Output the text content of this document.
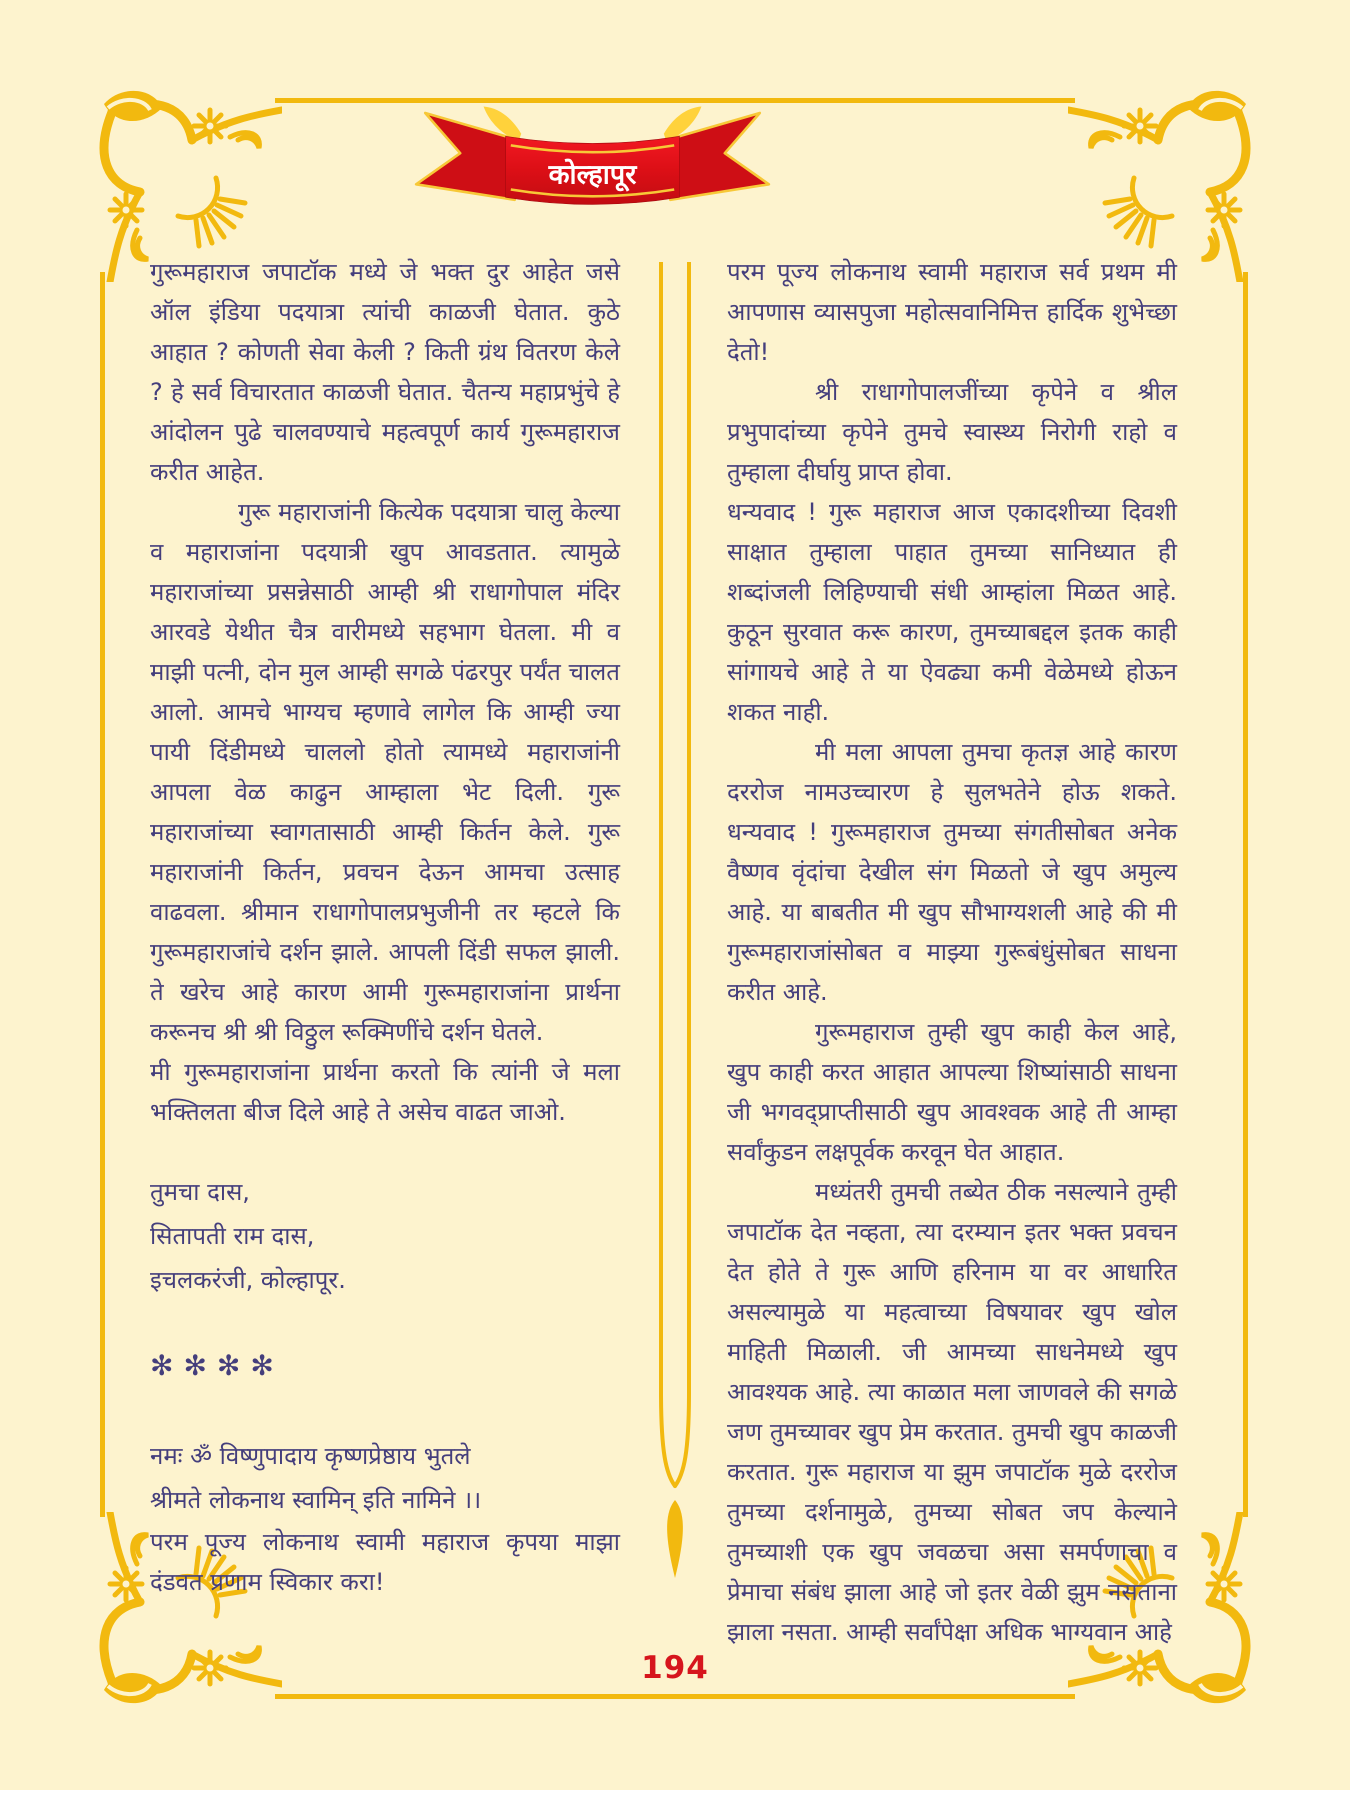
कोल्हापूर

गुरूमहाराज जपाटॉक मध्ये जे भक्त दुर आहेत जसे ऑल इंडिया पदयात्रा त्यांची काळजी घेतात. कुठे आहात ? कोणती सेवा केली ? किती ग्रंथ वितरण केले ? हे सर्व विचारतात काळजी घेतात. चैतन्य महाप्रभुंचे हे आंदोलन पुढे चालवण्याचे महत्वपूर्ण कार्य गुरूमहाराज करीत आहेत.

गुरू महाराजांनी कित्येक पदयात्रा चालु केल्या व महाराजांना पदयात्री खुप आवडतात. त्यामुळे महाराजांच्या प्रसन्नेसाठी आम्ही श्री राधागोपाल मंदिर आरवडे येथीत चैत्र वारीमध्ये सहभाग घेतला. मी व माझी पत्नी, दोन मुल आम्ही सगळे पंढरपुर पर्यंत चालत आलो. आमचे भाग्यच म्हणावे लागेल कि आम्ही ज्या पायी दिंडीमध्ये चाललो होतो त्यामध्ये महाराजांनी आपला वेळ काढुन आम्हाला भेट दिली. गुरू महाराजांच्या स्वागतासाठी आम्ही किर्तन केले. गुरू महाराजांनी किर्तन, प्रवचन देऊन आमचा उत्साह वाढवला. श्रीमान राधागोपालप्रभुजीनी तर म्हटले कि गुरूमहाराजांचे दर्शन झाले. आपली दिंडी सफल झाली. ते खरेच आहे कारण आमी गुरूमहाराजांना प्रार्थना करूनच श्री श्री विठ्ठुल रूक्मिणींचे दर्शन घेतले.

मी गुरूमहाराजांना प्रार्थना करतो कि त्यांनी जे मला भक्तिलता बीज दिले आहे ते असेच वाढत जाओ.

तुमचा दास,
सितापती राम दास,
इचलकरंजी, कोल्हापूर.
✻✻✻✻
नमः ॐ विष्णुपादाय कृष्णप्रेष्ठाय भुतले
श्रीमते लोकनाथ स्वामिन् इति नामिने ।।

परम पूज्य लोकनाथ स्वामी महाराज कृपया माझा दंडवत प्रणाम स्विकार करा!

परम पूज्य लोकनाथ स्वामी महाराज सर्व प्रथम मी आपणास व्यासपुजा महोत्सवानिमित्त हार्दिक शुभेच्छा देतो!

श्री राधागोपालजींच्या कृपेने व श्रील प्रभुपादांच्या कृपेने तुमचे स्वास्थ्य निरोगी राहो व तुम्हाला दीर्घायु प्राप्त होवा.

धन्यवाद ! गुरू महाराज आज एकादशीच्या दिवशी साक्षात तुम्हाला पाहात तुमच्या सानिध्यात ही शब्दांजली लिहिण्याची संधी आम्हांला मिळत आहे. कुठून सुरवात करू कारण, तुमच्याबद्दल इतक काही सांगायचे आहे ते या ऐवढ्या कमी वेळेमध्ये होऊन शकत नाही.

मी मला आपला तुमचा कृतज्ञ आहे कारण दररोज नामउच्चारण हे सुलभतेने होऊ शकते. धन्यवाद ! गुरूमहाराज तुमच्या संगतीसोबत अनेक वैष्णव वृंदांचा देखील संग मिळतो जे खुप अमुल्य आहे. या बाबतीत मी खुप सौभाग्यशली आहे की मी गुरूमहाराजांसोबत व माझ्या गुरूबंधुंसोबत साधना करीत आहे.

गुरूमहाराज तुम्ही खुप काही केल आहे, खुप काही करत आहात आपल्या शिष्यांसाठी साधना जी भगवद्प्राप्तीसाठी खुप आवश्वक आहे ती आम्हा सर्वांकुडन लक्षपूर्वक करवून घेत आहात.

मध्यंतरी तुमची तब्येत ठीक नसल्याने तुम्ही जपाटॉक देत नव्हता, त्या दरम्यान इतर भक्त प्रवचन देत होते ते गुरू आणि हरिनाम या वर आधारित असल्यामुळे या महत्वाच्या विषयावर खुप खोल माहिती मिळाली. जी आमच्या साधनेमध्ये खुप आवश्यक आहे. त्या काळात मला जाणवले की सगळे जण तुमच्यावर खुप प्रेम करतात. तुमची खुप काळजी करतात. गुरू महाराज या झुम जपाटॉक मुळे दररोज तुमच्या दर्शनामुळे, तुमच्या सोबत जप केल्याने तुमच्याशी एक खुप जवळचा असा समर्पणाचा व प्रेमाचा संबंध झाला आहे जो इतर वेळी झुम नसताना झाला नसता. आम्ही सर्वांपेक्षा अधिक भाग्यवान आहे

194
